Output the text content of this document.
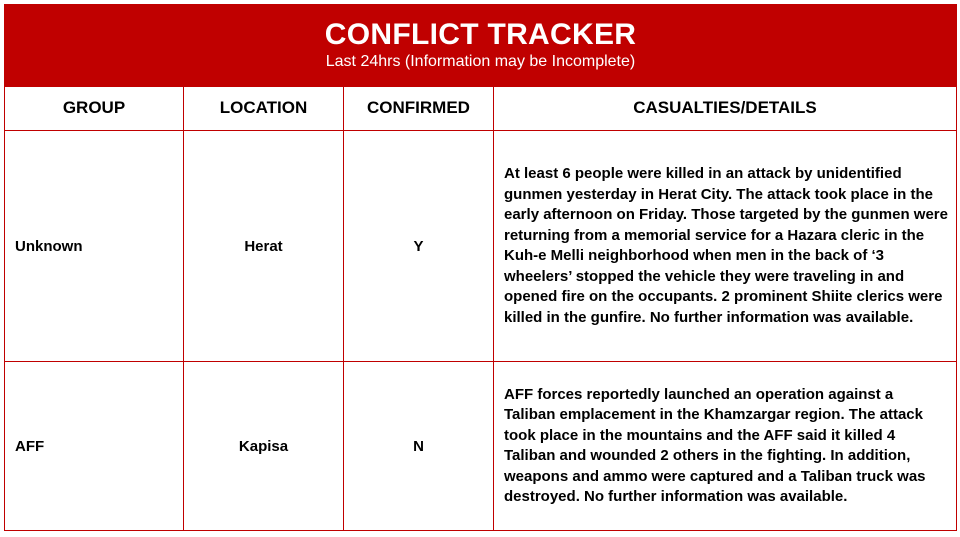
CONFLICT TRACKER
Last 24hrs (Information may be Incomplete)			

GROUP	LOCATION	CONFIRMED	CASUALTIES/DETAILS
Unknown	Herat	Y	At least 6 people were killed in an attack by unidentified gunmen yesterday in Herat City. The attack took place in the early afternoon on Friday. Those targeted by the gunmen were returning from a memorial service for a Hazara cleric in the Kuh-e Melli neighborhood when men in the back of ‘3 wheelers’ stopped the vehicle they were traveling in and opened fire on the occupants. 2 prominent Shiite clerics were killed in the gunfire. No further information was available.
AFF	Kapisa	N	AFF forces reportedly launched an operation against a Taliban emplacement in the Khamzargar region. The attack took place in the mountains and the AFF said it killed 4 Taliban and wounded 2 others in the fighting. In addition, weapons and ammo were captured and a Taliban truck was destroyed. No further information was available.
